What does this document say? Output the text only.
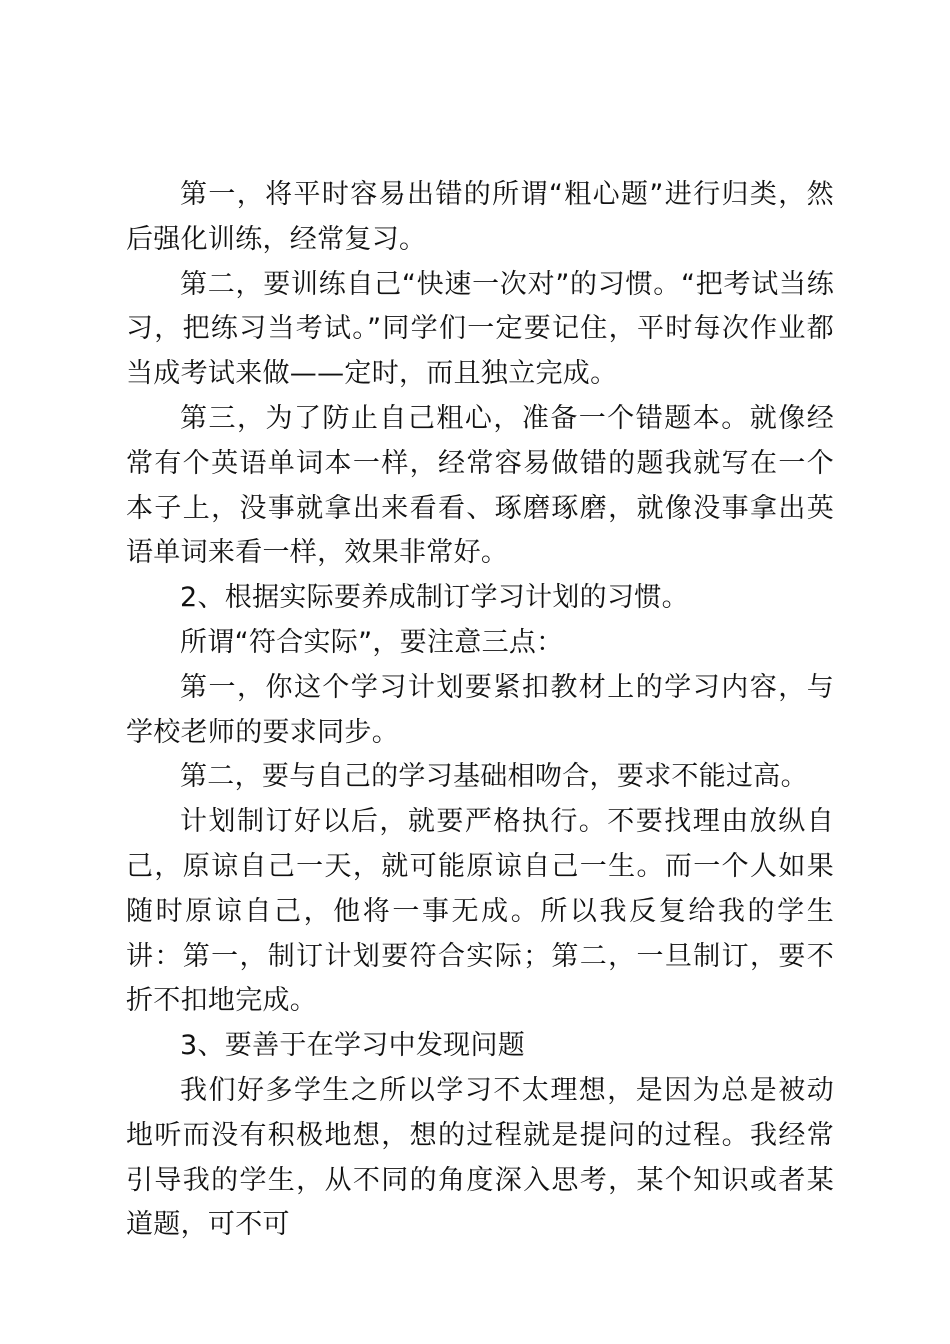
第一，将平时容易出错的所谓“粗心题”进行归类，然后强化训练，经常复习。

第二，要训练自己“快速一次对”的习惯。“把考试当练习，把练习当考试。”同学们一定要记住，平时每次作业都当成考试来做——定时，而且独立完成。

第三，为了防止自己粗心，准备一个错题本。就像经常有个英语单词本一样，经常容易做错的题我就写在一个本子上，没事就拿出来看看、琢磨琢磨，就像没事拿出英语单词来看一样，效果非常好。

2、根据实际要养成制订学习计划的习惯。

所谓“符合实际”，要注意三点：

第一，你这个学习计划要紧扣教材上的学习内容，与学校老师的要求同步。

第二，要与自己的学习基础相吻合，要求不能过高。

计划制订好以后，就要严格执行。不要找理由放纵自己，原谅自己一天，就可能原谅自己一生。而一个人如果随时原谅自己，他将一事无成。所以我反复给我的学生讲：第一，制订计划要符合实际；第二，一旦制订，要不折不扣地完成。

3、要善于在学习中发现问题

我们好多学生之所以学习不太理想，是因为总是被动地听而没有积极地想，想的过程就是提问的过程。我经常引导我的学生，从不同的角度深入思考，某个知识或者某道题，可不可
